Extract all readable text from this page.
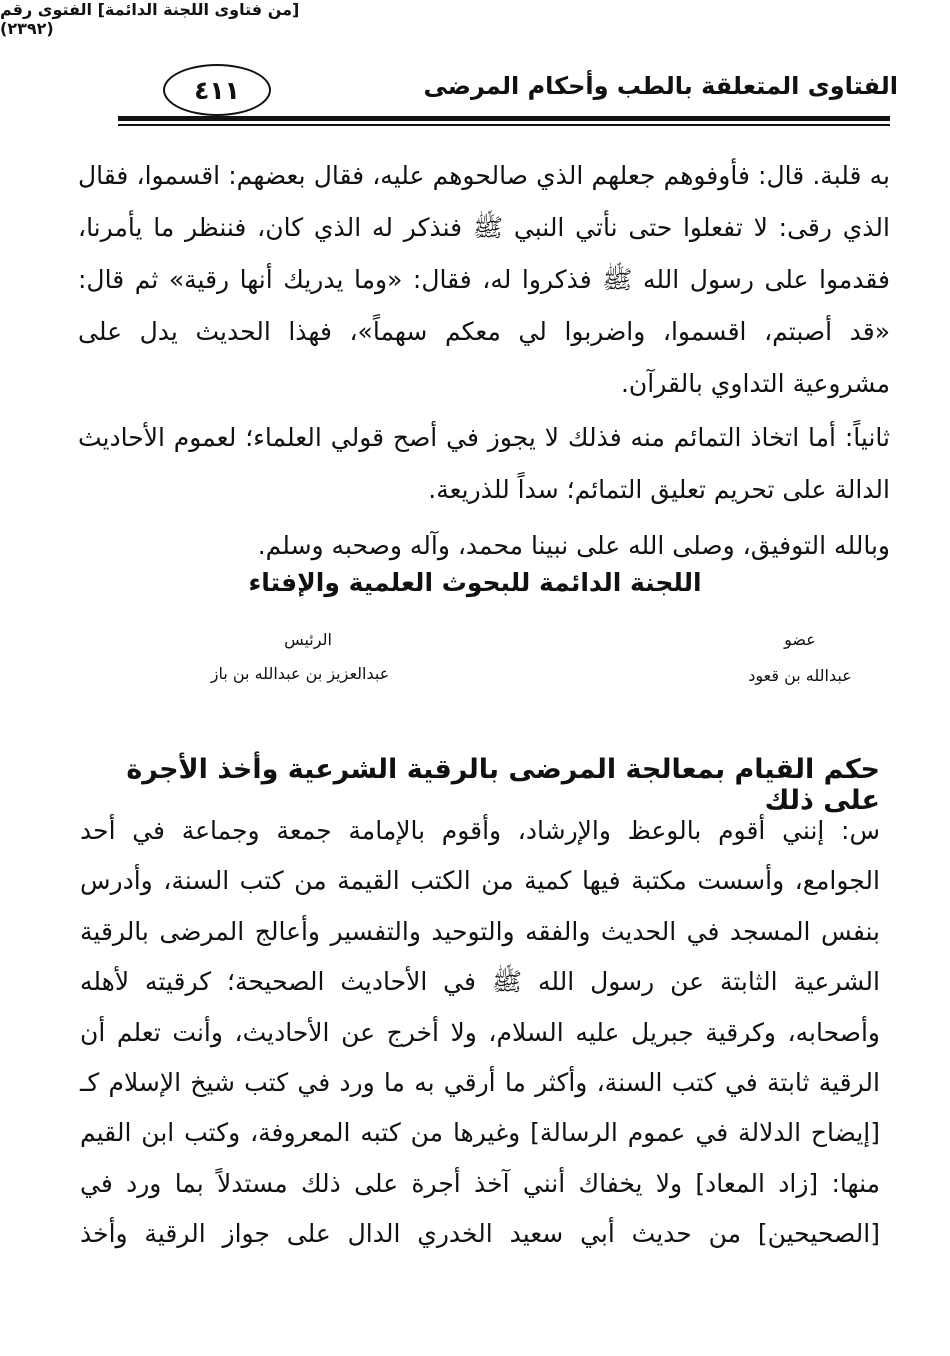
٤١١	الفتاوى المتعلقة بالطب وأحكام المرضى

به قلبة. قال: فأوفوهم جعلهم الذي صالحوهم عليه، فقال بعضهم: اقسموا، فقال الذي رقى: لا تفعلوا حتى نأتي النبي ﷺ فنذكر له الذي كان، فننظر ما يأمرنا، فقدموا على رسول الله ﷺ فذكروا له، فقال: «وما يدريك أنها رقية» ثم قال: «قد أصبتم، اقسموا، واضربوا لي معكم سهماً»، فهذا الحديث يدل على مشروعية التداوي بالقرآن.

ثانياً: أما اتخاذ التمائم منه فذلك لا يجوز في أصح قولي العلماء؛ لعموم الأحاديث الدالة على تحريم تعليق التمائم؛ سداً للذريعة.

وبالله التوفيق، وصلى الله على نبينا محمد، وآله وصحبه وسلم.

اللجنة الدائمة للبحوث العلمية والإفتاء
عضو
عبدالله بن قعود
الرئيس
عبدالعزيز بن عبدالله بن باز
[من فتاوى اللجنة الدائمة] الفتوى رقم (٢٣٩٢)
حكم القيام بمعالجة المرضى بالرقية الشرعية وأخذ الأجرة على ذلك

س: إنني أقوم بالوعظ والإرشاد، وأقوم بالإمامة جمعة وجماعة في أحد الجوامع، وأسست مكتبة فيها كمية من الكتب القيمة من كتب السنة، وأدرس بنفس المسجد في الحديث والفقه والتوحيد والتفسير وأعالج المرضى بالرقية الشرعية الثابتة عن رسول الله ﷺ في الأحاديث الصحيحة؛ كرقيته لأهله وأصحابه، وكرقية جبريل عليه السلام، ولا أخرج عن الأحاديث، وأنت تعلم أن الرقية ثابتة في كتب السنة، وأكثر ما أرقي به ما ورد في كتب شيخ الإسلام كـ [إيضاح الدلالة في عموم الرسالة] وغيرها من كتبه المعروفة، وكتب ابن القيم منها: [زاد المعاد] ولا يخفاك أنني آخذ أجرة على ذلك مستدلاً بما ورد في [الصحيحين] من حديث أبي سعيد الخدري الدال على جواز الرقية وأخذ
